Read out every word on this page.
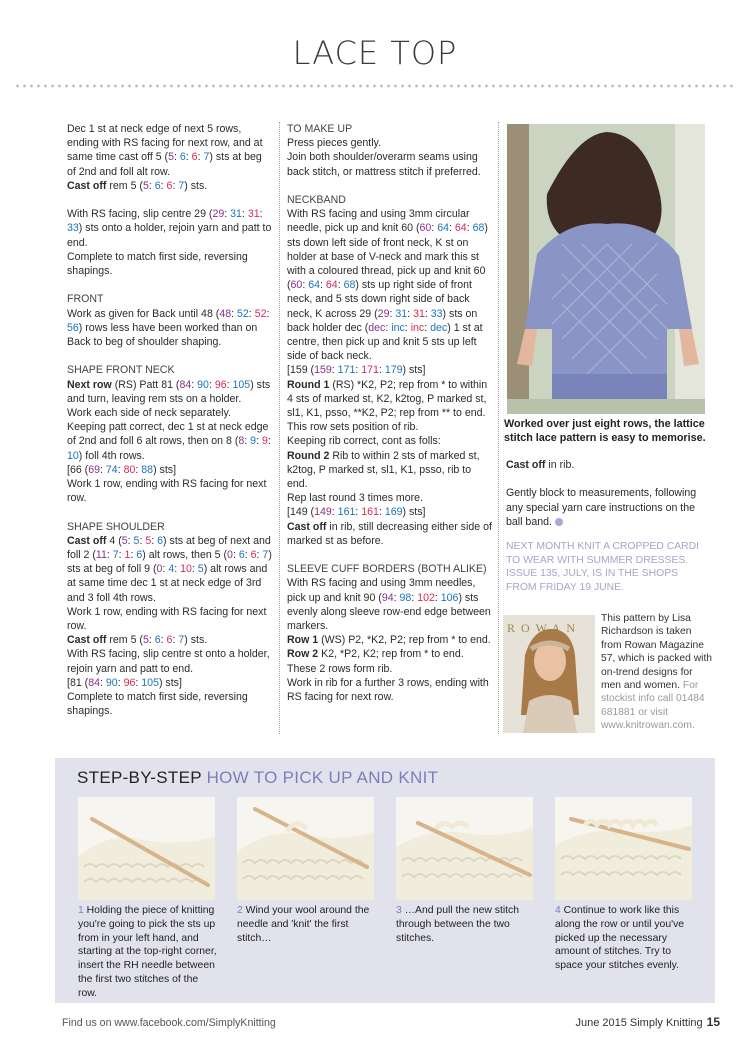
LACE TOP

Dec 1 st at neck edge of next 5 rows, ending with RS facing for next row, and at same time cast off 5 (5: 6: 6: 7) sts at beg of 2nd and foll alt row.
Cast off rem 5 (5: 6: 6: 7) sts.

With RS facing, slip centre 29 (29: 31: 31: 33) sts onto a holder, rejoin yarn and patt to end.
Complete to match first side, reversing shapings.

FRONT

Work as given for Back until 48 (48: 52: 52: 56) rows less have been worked than on Back to beg of shoulder shaping.

SHAPE FRONT NECK

Next row (RS) Patt 81 (84: 90: 96: 105) sts and turn, leaving rem sts on a holder.
Work each side of neck separately.
Keeping patt correct, dec 1 st at neck edge of 2nd and foll 6 alt rows, then on 8 (8: 9: 9: 10) foll 4th rows.
[66 (69: 74: 80: 88) sts]
Work 1 row, ending with RS facing for next row.

SHAPE SHOULDER

Cast off 4 (5: 5: 5: 6) sts at beg of next and foll 2 (11: 7: 1: 6) alt rows, then 5 (0: 6: 6: 7) sts at beg of foll 9 (0: 4: 10: 5) alt rows and at same time dec 1 st at neck edge of 3rd and 3 foll 4th rows.
Work 1 row, ending with RS facing for next row.
Cast off rem 5 (5: 6: 6: 7) sts.
With RS facing, slip centre st onto a holder, rejoin yarn and patt to end.
[81 (84: 90: 96: 105) sts]
Complete to match first side, reversing shapings.

TO MAKE UP

Press pieces gently.
Join both shoulder/overarm seams using back stitch, or mattress stitch if preferred.

NECKBAND

With RS facing and using 3mm circular needle, pick up and knit 60 (60: 64: 64: 68) sts down left side of front neck, K st on holder at base of V-neck and mark this st with a coloured thread, pick up and knit 60 (60: 64: 64: 68) sts up right side of front neck, and 5 sts down right side of back neck, K across 29 (29: 31: 31: 33) sts on back holder dec (dec: inc: inc: dec) 1 st at centre, then pick up and knit 5 sts up left side of back neck.
[159 (159: 171: 171: 179) sts]
Round 1 (RS) *K2, P2; rep from * to within 4 sts of marked st, K2, k2tog, P marked st, sl1, K1, psso, **K2, P2; rep from ** to end.
This row sets position of rib.
Keeping rib correct, cont as folls:
Round 2 Rib to within 2 sts of marked st, k2tog, P marked st, sl1, K1, psso, rib to end.
Rep last round 3 times more.
[149 (149: 161: 161: 169) sts]
Cast off in rib, still decreasing either side of marked st as before.

SLEEVE CUFF BORDERS (BOTH ALIKE)

With RS facing and using 3mm needles, pick up and knit 90 (94: 98: 102: 106) sts evenly along sleeve row-end edge between markers.
Row 1 (WS) P2, *K2, P2; rep from * to end.
Row 2 K2, *P2, K2; rep from * to end.
These 2 rows form rib.
Work in rib for a further 3 rows, ending with RS facing for next row.

Worked over just eight rows, the lattice stitch lace pattern is easy to memorise.

Cast off in rib.

Gently block to measurements, following any special yarn care instructions on the ball band.

NEXT MONTH KNIT A CROPPED CARDI TO WEAR WITH SUMMER DRESSES. ISSUE 135, JULY, IS IN THE SHOPS FROM FRIDAY 19 JUNE.
ROWAN
This pattern by Lisa Richardson is taken from Rowan Magazine 57, which is packed with on-trend designs for men and women. For stockist info call 01484 681881 or visit www.knitrowan.com.
STEP-BY-STEP HOW TO PICK UP AND KNIT
1 Holding the piece of knitting you're going to pick the sts up from in your left hand, and starting at the top-right corner, insert the RH needle between the first two stitches of the row.
2 Wind your wool around the needle and 'knit' the first stitch…
3 …And pull the new stitch through between the two stitches.
4 Continue to work like this along the row or until you've picked up the necessary amount of stitches. Try to space your stitches evenly.
Find us on www.facebook.com/SimplyKnitting	June 2015 Simply Knitting 15
